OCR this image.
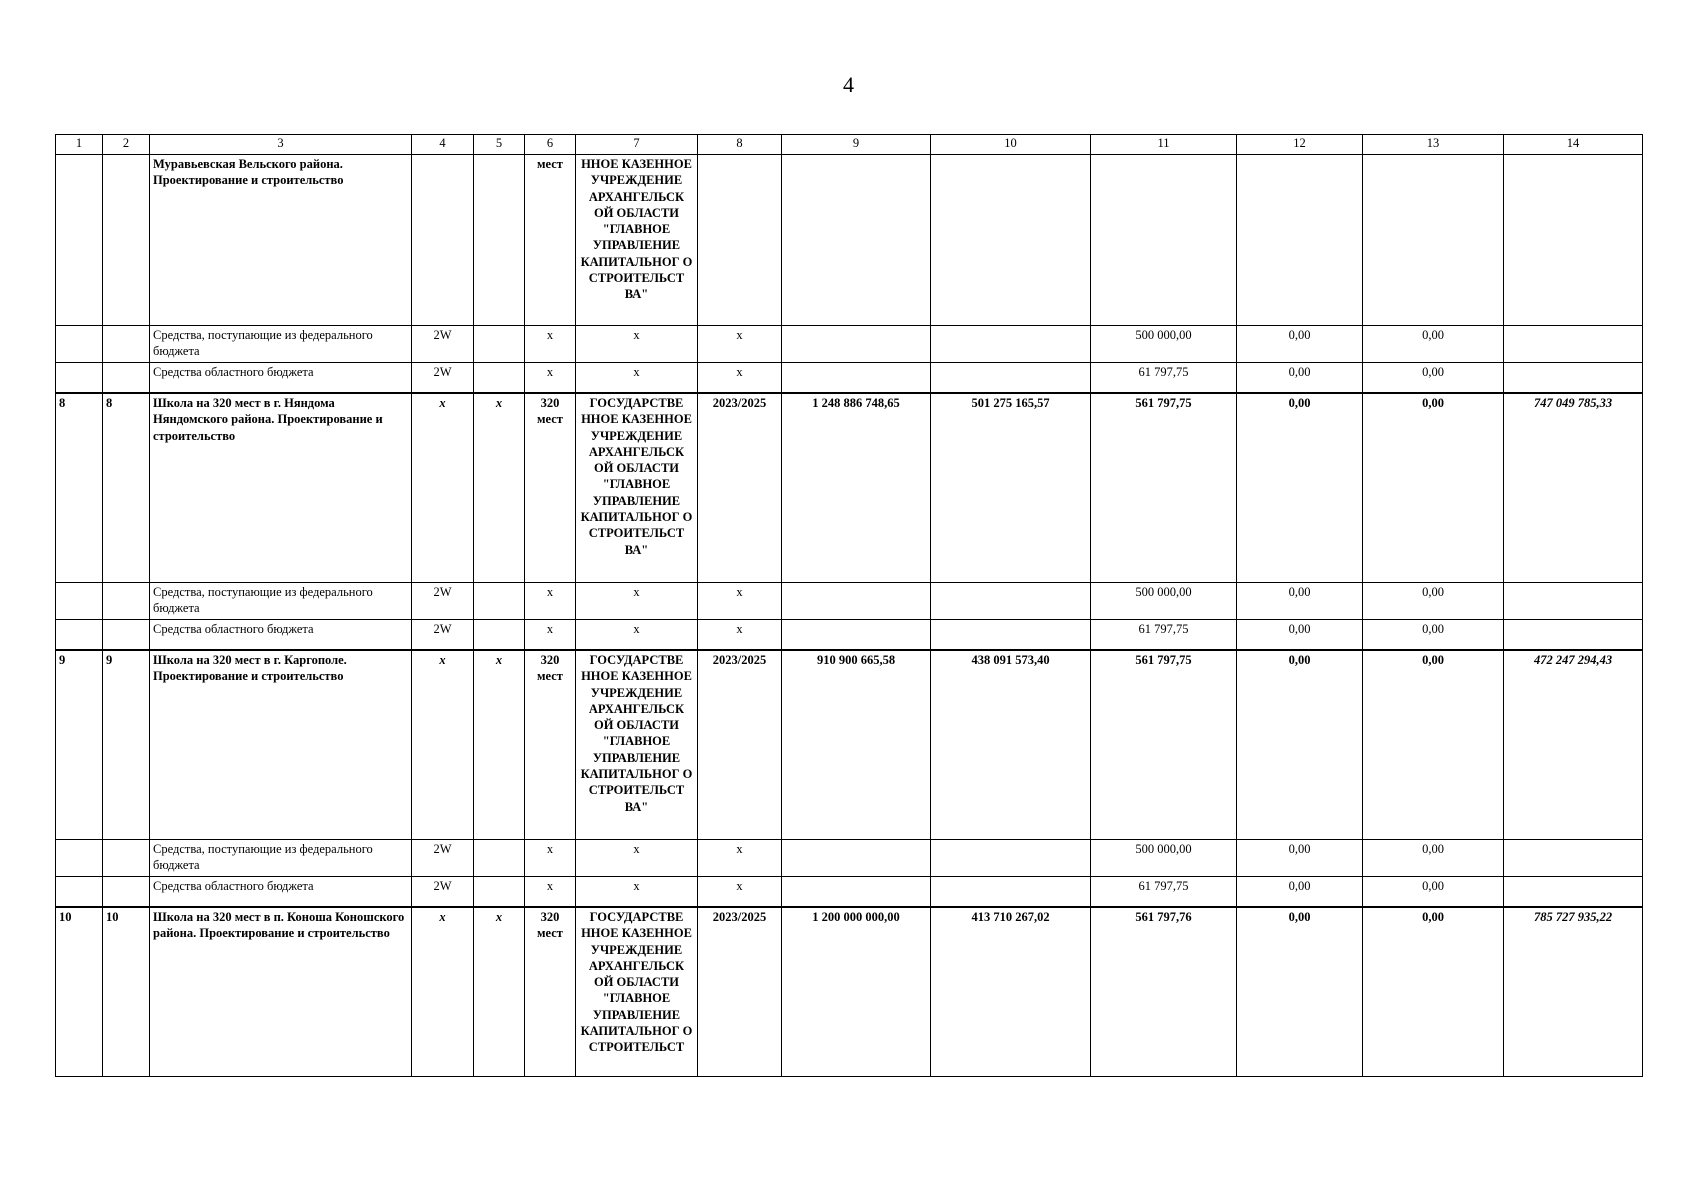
4
1	2	3	4	5	6	7	8	9	10	11	12	13	14
		Муравьевская Вельского района. Проектирование и строительство			мест	ННОЕ КАЗЕННОЕ УЧРЕЖДЕНИЕ АРХАНГЕЛЬСК ОЙ ОБЛАСТИ "ГЛАВНОЕ УПРАВЛЕНИЕ КАПИТАЛЬНОГ О СТРОИТЕЛЬСТ ВА"							
		Средства, поступающие из федерального бюджета	2W		x	x	x			500 000,00	0,00	0,00	
		Средства областного бюджета	2W		x	x	x			61 797,75	0,00	0,00	
8	8	Школа на 320 мест в г. Няндома Няндомского района. Проектирование и строительство	x	x	320 мест	ГОСУДАРСТВЕ ННОЕ КАЗЕННОЕ УЧРЕЖДЕНИЕ АРХАНГЕЛЬСК ОЙ ОБЛАСТИ "ГЛАВНОЕ УПРАВЛЕНИЕ КАПИТАЛЬНОГ О СТРОИТЕЛЬСТ ВА"	2023/2025	1 248 886 748,65	501 275 165,57	561 797,75	0,00	0,00	747 049 785,33
		Средства, поступающие из федерального бюджета	2W		x	x	x			500 000,00	0,00	0,00	
		Средства областного бюджета	2W		x	x	x			61 797,75	0,00	0,00	
9	9	Школа на 320 мест в г. Каргополе. Проектирование и строительство	x	x	320 мест	ГОСУДАРСТВЕ ННОЕ КАЗЕННОЕ УЧРЕЖДЕНИЕ АРХАНГЕЛЬСК ОЙ ОБЛАСТИ "ГЛАВНОЕ УПРАВЛЕНИЕ КАПИТАЛЬНОГ О СТРОИТЕЛЬСТ ВА"	2023/2025	910 900 665,58	438 091 573,40	561 797,75	0,00	0,00	472 247 294,43
		Средства, поступающие из федерального бюджета	2W		x	x	x			500 000,00	0,00	0,00	
		Средства областного бюджета	2W		x	x	x			61 797,75	0,00	0,00	
10	10	Школа на 320 мест в п. Коноша Коношского района. Проектирование и строительство	x	x	320 мест	ГОСУДАРСТВЕ ННОЕ КАЗЕННОЕ УЧРЕЖДЕНИЕ АРХАНГЕЛЬСК ОЙ ОБЛАСТИ "ГЛАВНОЕ УПРАВЛЕНИЕ КАПИТАЛЬНОГ О СТРОИТЕЛЬСТ	2023/2025	1 200 000 000,00	413 710 267,02	561 797,76	0,00	0,00	785 727 935,22
